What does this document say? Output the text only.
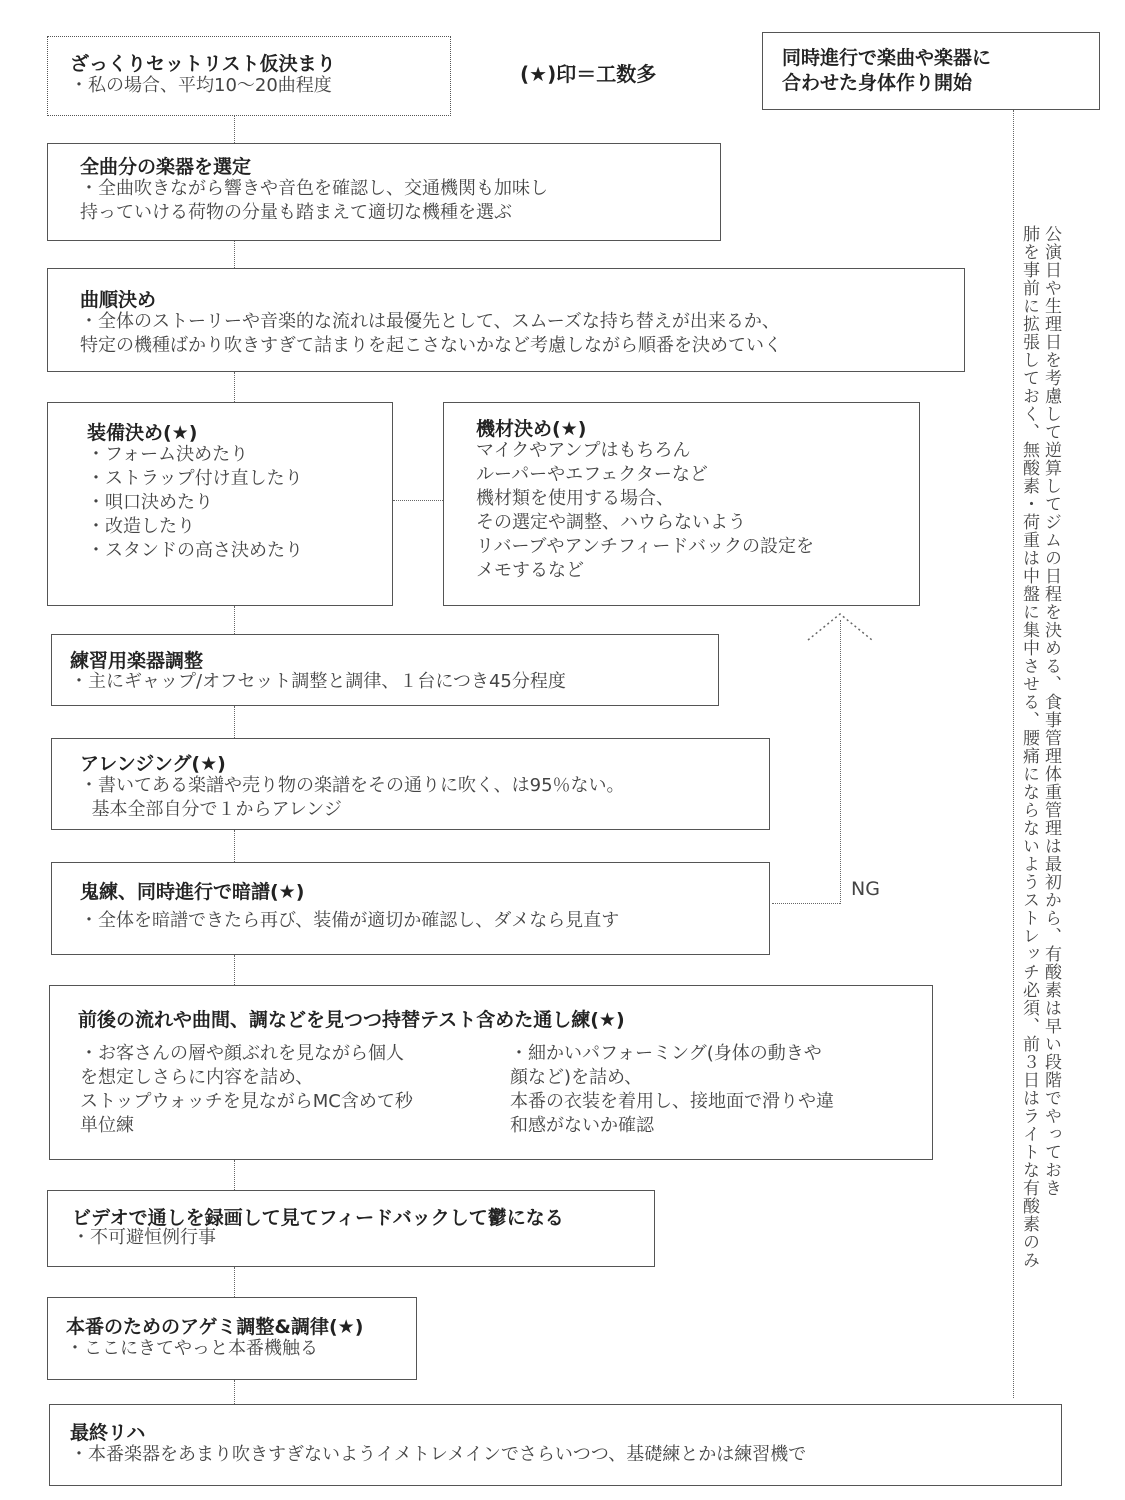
(★)印＝工数多
同時進行で楽曲や楽器に
合わせた身体作り開始
公演日や生理日を考慮して逆算してジムの日程を決める、食事管理体重管理は最初から、有酸素は早い段階でやっておき
肺を事前に拡張しておく、無酸素・荷重は中盤に集中させる、腰痛にならないようストレッチ必須、前３日はライトな有酸素のみ
NG
ざっくりセットリスト仮決まり
・私の場合、平均10〜20曲程度
全曲分の楽器を選定
・全曲吹きながら響きや音色を確認し、交通機関も加味し
持っていける荷物の分量も踏まえて適切な機種を選ぶ
曲順決め
・全体のストーリーや音楽的な流れは最優先として、スムーズな持ち替えが出来るか、
特定の機種ばかり吹きすぎて詰まりを起こさないかなど考慮しながら順番を決めていく
装備決め(★)
・フォーム決めたり
・ストラップ付け直したり
・唄口決めたり
・改造したり
・スタンドの高さ決めたり
機材決め(★)
マイクやアンプはもちろん
ルーパーやエフェクターなど
機材類を使用する場合、
その選定や調整、ハウらないよう
リバーブやアンチフィードバックの設定を
メモするなど
練習用楽器調整
・主にギャップ/オフセット調整と調律、１台につき45分程度
アレンジング(★)
・書いてある楽譜や売り物の楽譜をその通りに吹く、は95％ない。
基本全部自分で１からアレンジ
鬼練、同時進行で暗譜(★)
・全体を暗譜できたら再び、装備が適切か確認し、ダメなら見直す
前後の流れや曲間、調などを見つつ持替テスト含めた通し練(★)
・お客さんの層や顔ぶれを見ながら個人
を想定しさらに内容を詰め、
ストップウォッチを見ながらMC含めて秒
単位練
・細かいパフォーミング(身体の動きや
顔など)を詰め、
本番の衣装を着用し、接地面で滑りや違
和感がないか確認
ビデオで通しを録画して見てフィードバックして鬱になる
・不可避恒例行事
本番のためのアゲミ調整&調律(★)
・ここにきてやっと本番機触る
最終リハ
・本番楽器をあまり吹きすぎないようイメトレメインでさらいつつ、基礎練とかは練習機で
